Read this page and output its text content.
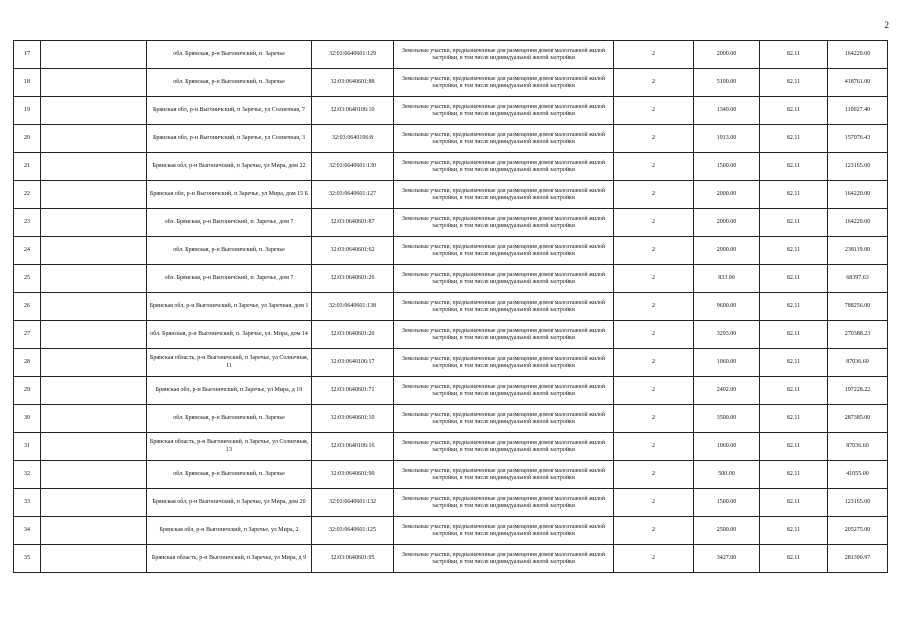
2
17		обл. Брянская, р-н Выгоничский, п. Заречье	32:03:0640601:129	Земельные участки, предназначенные для размещения домов малоэтажной жилой застройки, в том числе индивидуальной жилой застройки	2	2000.00	82.11	164220.00
18		обл. Брянская, р-н Выгоничский, п. Заречье	32:03:0640601:88	Земельные участки, предназначенные для размещения домов малоэтажной жилой застройки, в том числе индивидуальной жилой застройки	2	5100.00	82.11	418761.00
19		Брянская обл, р-н Выгоничский, п Заречье, ул Солнечная, 7	32:03:0640106:10	Земельные участки, предназначенные для размещения домов малоэтажной жилой застройки, в том числе индивидуальной жилой застройки	2	1340.00	82.11	110027.40
20		Брянская обл, р-н Выгоничский, п Заречье, ул Солнечная, 3	32:03:0640106:8	Земельные участки, предназначенные для размещения домов малоэтажной жилой застройки, в том числе индивидуальной жилой застройки	2	1913.00	82.11	157076.43
21		Брянская обл, р-н Выгоничский, п Заречье, ул Мира, дом 22	32:03:0640601:130	Земельные участки, предназначенные для размещения домов малоэтажной жилой застройки, в том числе индивидуальной жилой застройки	2	1500.00	82.11	123165.00
22		Брянская обл, р-н Выгоничский, п Заречье, ул Мира, дом 15 Б	32:03:0640601:127	Земельные участки, предназначенные для размещения домов малоэтажной жилой застройки, в том числе индивидуальной жилой застройки	2	2000.00	82.11	164220.00
23		обл. Брянская, р-н Выгоничский, п. Заречье, дом 7	32:03:0640601:87	Земельные участки, предназначенные для размещения домов малоэтажной жилой застройки, в том числе индивидуальной жилой застройки	2	2000.00	82.11	164220.00
24		обл. Брянская, р-н Выгоничский, п. Заречье	32:03:0640601:62	Земельные участки, предназначенные для размещения домов малоэтажной жилой застройки, в том числе индивидуальной жилой застройки	2	2900.00	82.11	238119.00
25		обл. Брянская, р-н Выгоничский, п. Заречье, дом 7	32:03:0640601:26	Земельные участки, предназначенные для размещения домов малоэтажной жилой застройки, в том числе индивидуальной жилой застройки	2	833.00	82.11	68397.63
26		Брянская обл, р-н Выгоничский, п Заречье, ул Заречная, дом 1	32:03:0640601:138	Земельные участки, предназначенные для размещения домов малоэтажной жилой застройки, в том числе индивидуальной жилой застройки	2	9600.00	82.11	788256.00
27		обл. Брянская, р-н Выгоничский, п. Заречье, ул. Мира, дом 14	32:03:0640601:20	Земельные участки, предназначенные для размещения домов малоэтажной жилой застройки, в том числе индивидуальной жилой застройки	2	3293.00	82.11	270388.23
28		Брянская область, р-н Выгоничский, п Заречье, ул Солнечная, 11	32:03:0640106:17	Земельные участки, предназначенные для размещения домов малоэтажной жилой застройки, в том числе индивидуальной жилой застройки	2	1060.00	82.11	87036.60
29		Брянская обл, р-н Выгоничский, п Заречье, ул Мира, д 19	32:03:0640601:71	Земельные участки, предназначенные для размещения домов малоэтажной жилой застройки, в том числе индивидуальной жилой застройки	2	2402.00	82.11	197228.22
30		обл. Брянская, р-н Выгоничский, п. Заречье	32:03:0640601:10	Земельные участки, предназначенные для размещения домов малоэтажной жилой застройки, в том числе индивидуальной жилой застройки	2	3500.00	82.11	287385.00
31		Брянская область, р-н Выгоничский, п Заречье, ул Солнечная, 13	32:03:0640106:16	Земельные участки, предназначенные для размещения домов малоэтажной жилой застройки, в том числе индивидуальной жилой застройки	2	1060.00	82.11	87036.60
32		обл. Брянская, р-н Выгоничский, п. Заречье	32:03:0640601:90	Земельные участки, предназначенные для размещения домов малоэтажной жилой застройки, в том числе индивидуальной жилой застройки	2	500.00	82.11	41055.00
33		Брянская обл, р-н Выгоничский, п Заречье, ул Мира, дом 20	32:03:0640601:132	Земельные участки, предназначенные для размещения домов малоэтажной жилой застройки, в том числе индивидуальной жилой застройки	2	1500.00	82.11	123165.00
34		Брянская обл, р-н Выгоничский, п Заречье, ул Мира, 2	32:03:0640601:125	Земельные участки, предназначенные для размещения домов малоэтажной жилой застройки, в том числе индивидуальной жилой застройки	2	2500.00	82.11	205275.00
35		Брянская область, р-н Выгоничский, п Заречье, ул Мира, д 9	32:03:0640601:95	Земельные участки, предназначенные для размещения домов малоэтажной жилой застройки, в том числе индивидуальной жилой застройки	2	3427.00	82.11	281390.97
